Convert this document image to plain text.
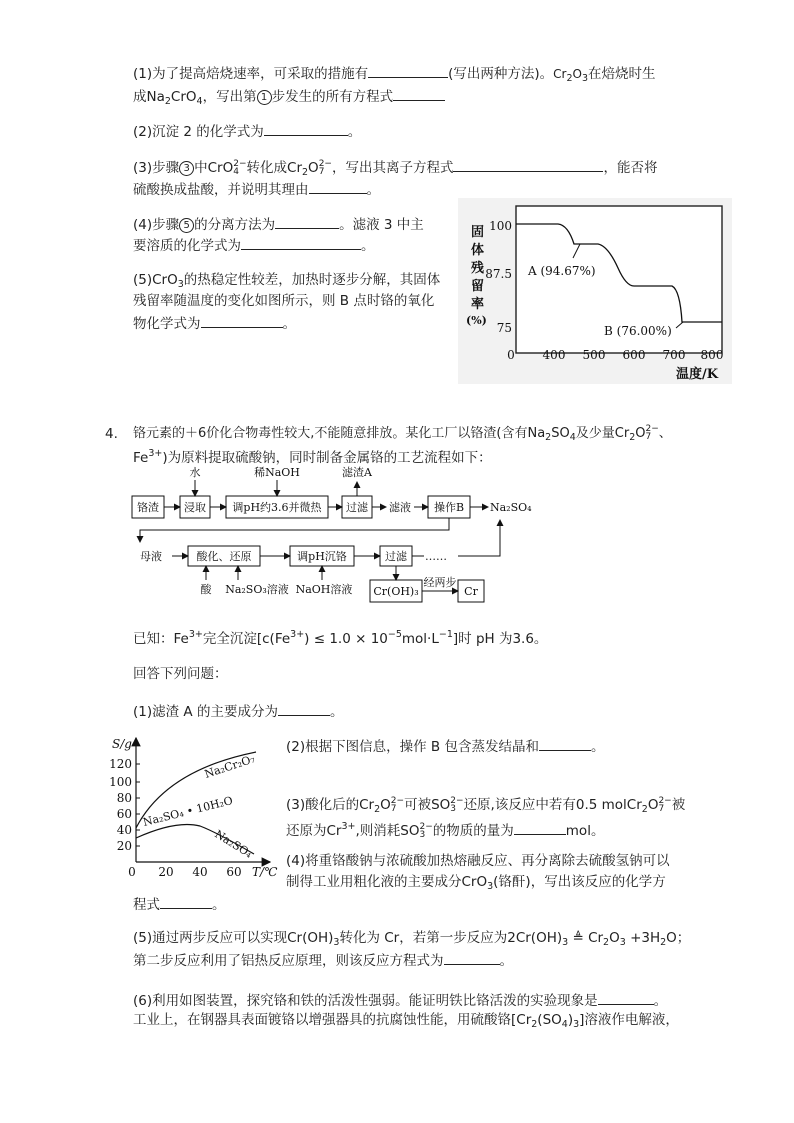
(1)为了提高焙烧速率，可采取的措施有	(写出两种方法)。$Cr_2O_3$在焙烧时生
成$Na_2CrO_4$，写出第 1 步发生的所有方程式
(2)沉淀 2 的化学式为	。
(3)步骤 3 中CrO2−
4 转化成$Cr_2O2-$
7 ，写出其离子方程式	，能否将
硫酸换成盐酸，并说明其理由	。
(4)步骤 5 的分离方法为	。滤液 3 中主
要溶质的化学式为	。
(5)CrO$_3$的热稳定性较差，加热时逐步分解，其固体
残留率随温度的变化如图所示，则 B 点时铬的氧化
物化学式为	。
固
体
残
留
率
(%)
100
87.5
75
0 400 500 600 700 800
温度/K
A (94.67%)
B (76.00%)
4. 铬元素的＋6价化合物毒性较大,不能随意排放。某化工厂以铬渣(含有$Na_2SO_4$及少量$Cr_2O2-$
7 、
$Fe^{3+}$)为原料提取硫酸钠，同时制备金属铬的工艺流程如下：
铬渣 浸取 调pH约3.6并微热 过滤	操作B Na₂SO₄
水	稀NaOH	滤渣A
滤液
母液	酸化、还原	调pH沉铬	过滤 ……
酸 Na₂SO₃溶液 NaOH溶液 Cr(OH)₃
经两步
Cr
已知：$Fe^{3+}$完全沉淀$[c(Fe^{3+}) \le 1.0 \times 10^{-5}mol\cdot L^{-1}]$时 pH 为3.6。
回答下列问题：
(1)滤渣 A 的主要成分为	。
S/g
120
100
80
60
40
20
0 20 40 60 T/℃
Na₂Cr₂O₇
Na₂SO₄ • 10H₂O
Na₂SO₄
(2)根据下图信息，操作 B 包含蒸发结晶和	。
(3)酸化后的$Cr_2O2-$
7 可被SO2−
3 还原,该反应中若有0.5 molCr$_2$O2−
7 被
还原为$Cr^{3+}$,则消耗SO2−
3 的物质的量为	mol。
(4)将重铬酸钠与浓硫酸加热熔融反应、再分离除去硫酸氢钠可以
制得工业用粗化液的主要成分CrO$_3$(铬酐)，写出该反应的化学方
程式	。
(5)通过两步反应可以实现$Cr(OH)_3$转化为 Cr，若第一步反应为$2Cr(OH)_3$ ≜ $Cr_2O_3 +3H_2O$；
第二步反应利用了铝热反应原理，则该反应方程式为	。
(6)利用如图装置，探究铬和铁的活泼性强弱。能证明铁比铬活泼的实验现象是	。
工业上，在钢器具表面镀铬以增强器具的抗腐蚀性能，用硫酸铬$[Cr_2(SO_4)_3]$溶液作电解液，
